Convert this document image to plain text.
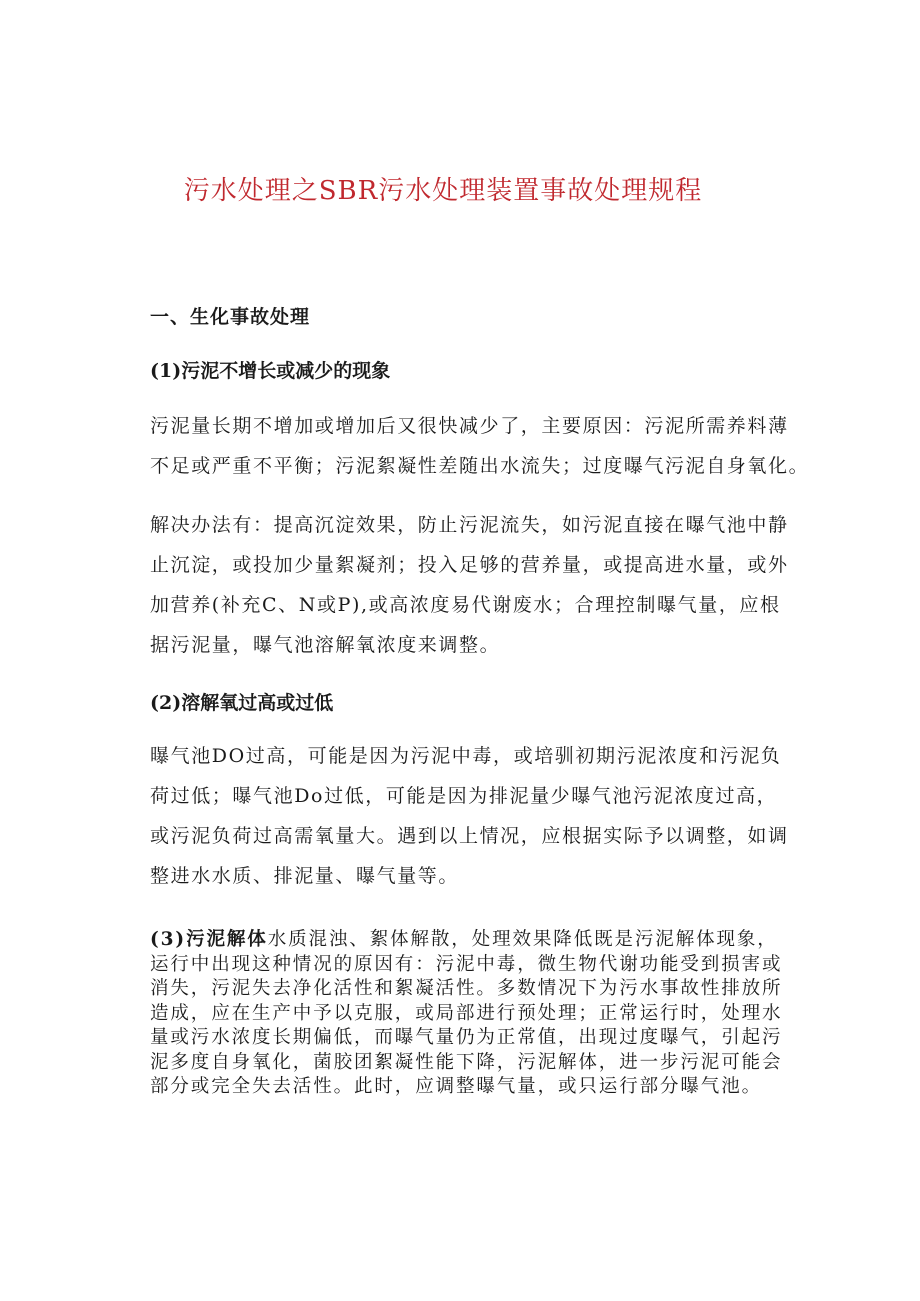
污水处理之SBR污水处理装置事故处理规程
一、生化事故处理
(1)污泥不增长或减少的现象

污泥量长期不增加或增加后又很快减少了，主要原因：污泥所需养料薄
不足或严重不平衡；污泥絮凝性差随出水流失；过度曝气污泥自身氧化。

解决办法有：提高沉淀效果，防止污泥流失，如污泥直接在曝气池中静
止沉淀，或投加少量絮凝剂；投入足够的营养量，或提高进水量，或外
加营养(补充C、N或P),或高浓度易代谢废水；合理控制曝气量，应根
据污泥量，曝气池溶解氧浓度来调整。

(2)溶解氧过高或过低

曝气池DO过高，可能是因为污泥中毒，或培驯初期污泥浓度和污泥负
荷过低；曝气池Do过低，可能是因为排泥量少曝气池污泥浓度过高，
或污泥负荷过高需氧量大。遇到以上情况，应根据实际予以调整，如调
整进水水质、排泥量、曝气量等。

(3)污泥解体水质混浊、絮体解散，处理效果降低既是污泥解体现象，
运行中出现这种情况的原因有：污泥中毒，微生物代谢功能受到损害或
消失，污泥失去净化活性和絮凝活性。多数情况下为污水事故性排放所
造成，应在生产中予以克服，或局部进行预处理；正常运行时，处理水
量或污水浓度长期偏低，而曝气量仍为正常值，出现过度曝气，引起污
泥多度自身氧化，菌胶团絮凝性能下降，污泥解体，进一步污泥可能会
部分或完全失去活性。此时，应调整曝气量，或只运行部分曝气池。
